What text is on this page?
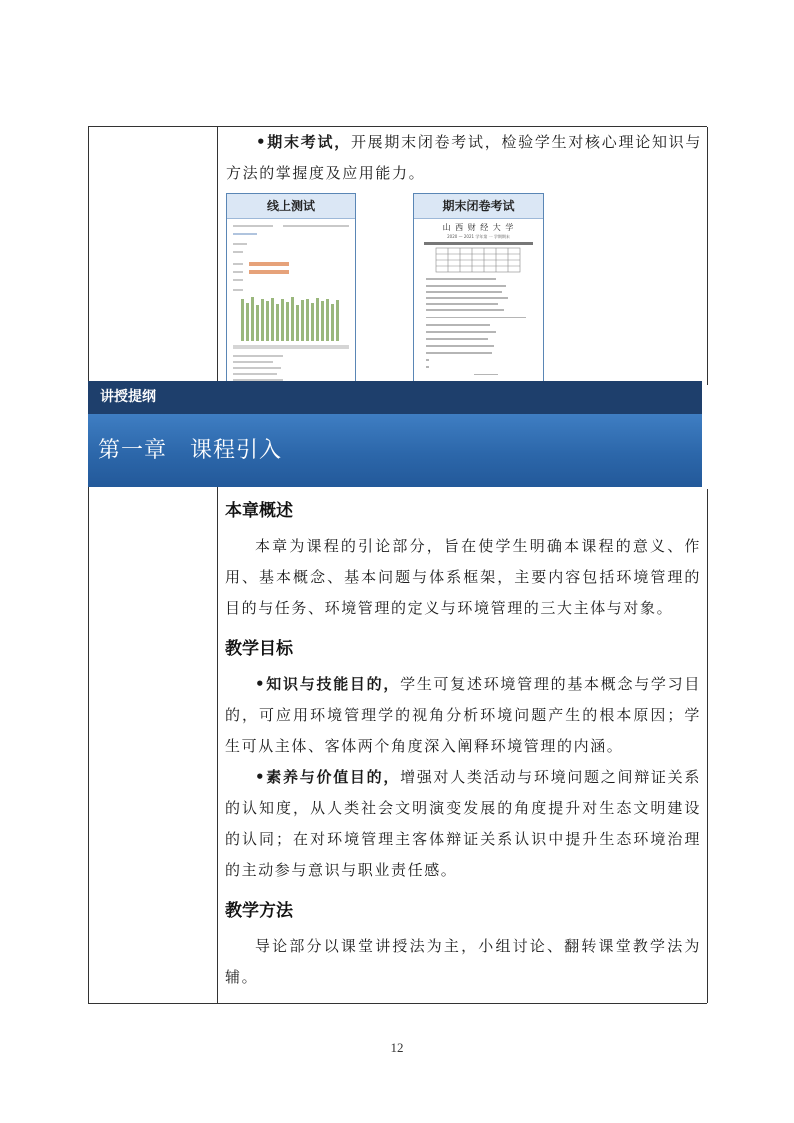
•期末考试，开展期末闭卷考试，检验学生对核心理论知识与方法的掌握度及应用能力。

线上测试	期末闭卷考试
山 西 财 经 大 学
2020 — 2021 学年第 一 学期期末
讲授提纲
第一章　课程引入
本章概述

本章为课程的引论部分，旨在使学生明确本课程的意义、作用、基本概念、基本问题与体系框架，主要内容包括环境管理的目的与任务、环境管理的定义与环境管理的三大主体与对象。

教学目标

•知识与技能目的，学生可复述环境管理的基本概念与学习目的，可应用环境管理学的视角分析环境问题产生的根本原因；学生可从主体、客体两个角度深入阐释环境管理的内涵。

•素养与价值目的，增强对人类活动与环境问题之间辩证关系的认知度，从人类社会文明演变发展的角度提升对生态文明建设的认同；在对环境管理主客体辩证关系认识中提升生态环境治理的主动参与意识与职业责任感。

教学方法

导论部分以课堂讲授法为主，小组讨论、翻转课堂教学法为辅。

12
